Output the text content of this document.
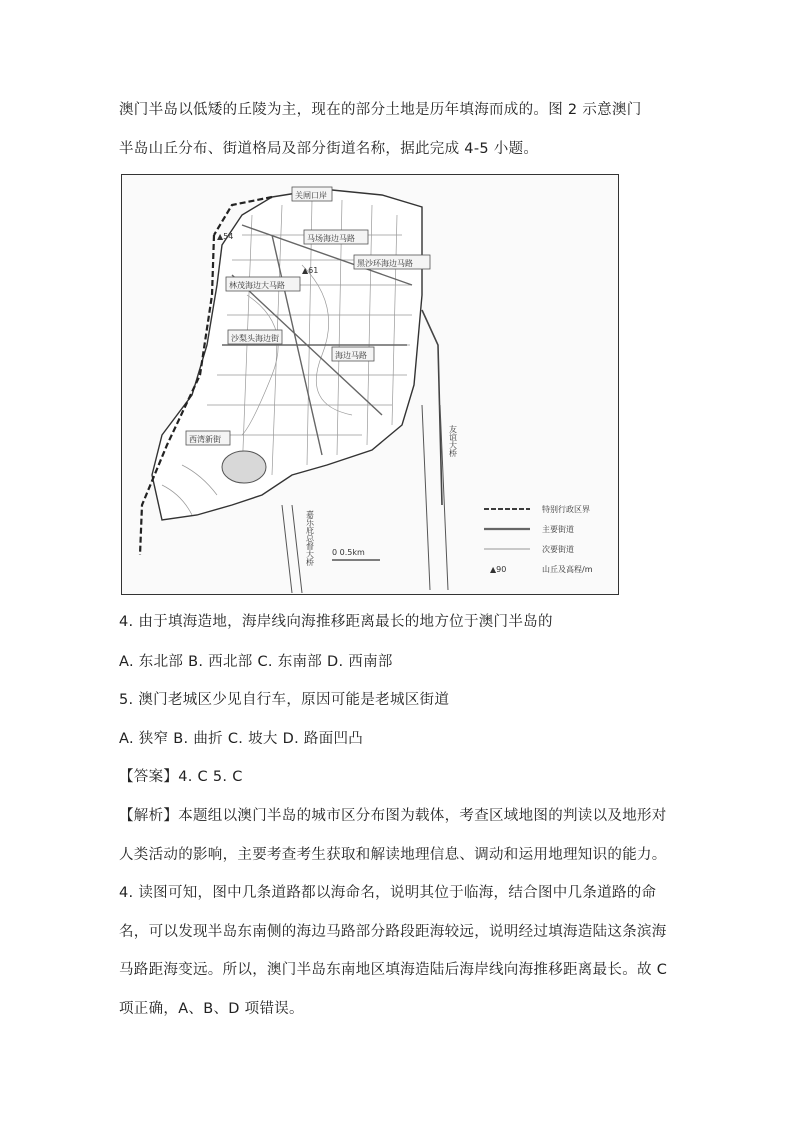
澳门半岛以低矮的丘陵为主，现在的部分土地是历年填海而成的。图 2 示意澳门
半岛山丘分布、街道格局及部分街道名称，据此完成 4-5 小题。
关闸口岸
▲54	马场海边马路
黑沙环海边马路
▲61
林茂海边大马路
沙梨头海边街
海边马路
西湾新街	友谊大桥
嘉乐庇总督大桥 0 0.5km
特别行政区界
主要街道
次要街道
▲90	山丘及高程/m
4. 由于填海造地，海岸线向海推移距离最长的地方位于澳门半岛的
A. 东北部 B. 西北部 C. 东南部 D. 西南部
5. 澳门老城区少见自行车，原因可能是老城区街道
A. 狭窄 B. 曲折 C. 坡大 D. 路面凹凸
【答案】4. C 5. C
【解析】本题组以澳门半岛的城市区分布图为载体，考查区域地图的判读以及地形对
人类活动的影响，主要考查考生获取和解读地理信息、调动和运用地理知识的能力。
4. 读图可知，图中几条道路都以海命名，说明其位于临海，结合图中几条道路的命
名，可以发现半岛东南侧的海边马路部分路段距海较远，说明经过填海造陆这条滨海
马路距海变远。所以，澳门半岛东南地区填海造陆后海岸线向海推移距离最长。故 C
项正确，A、B、D 项错误。
